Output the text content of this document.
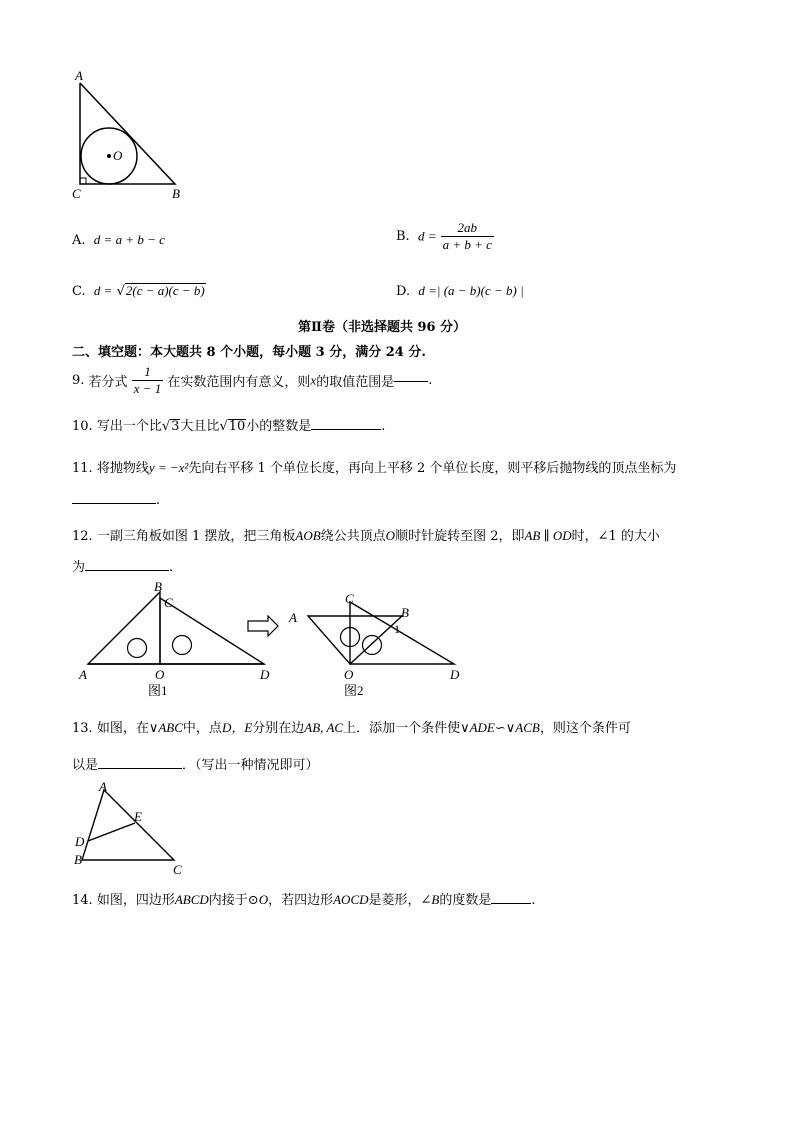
A
O
C	B
A. d = a + b − c	B. $d = \frac{2ab}{a + b + c}$
C. d = √2(c − a)(c − b)	D. d =| (a − b)(c − b) |
第Ⅱ卷（非选择题共 96 分）
二、填空题：本大题共 8 个小题，每小题 3 分，满分 24 分.
9. 若分式 $\frac{1}{x - 1}$ 在实数范围内有意义，则x的取值范围是	.
10. 写出一个比√3大且比√10小的整数是	.
11. 将抛物线y = −x²先向右平移 1 个单位长度，再向上平移 2 个单位长度，则平移后抛物线的顶点坐标为
.
12. 一副三角板如图 1 摆放，把三角板AOB绕公共顶点O顺时针旋转至图 2，即AB ∥ OD时，∠1 的大小
为	.
B
C
A	O	D
图1
C
B
A
1
O	D
图2
13. 如图，在∨ABC中，点D，E分别在边AB, AC上．添加一个条件使∨ADE∽∨ACB，则这个条件可
以是	．（写出一种情况即可）
A
E
D
B
C
14. 如图，四边形ABCD内接于⊙O，若四边形AOCD是菱形，∠B的度数是	.
